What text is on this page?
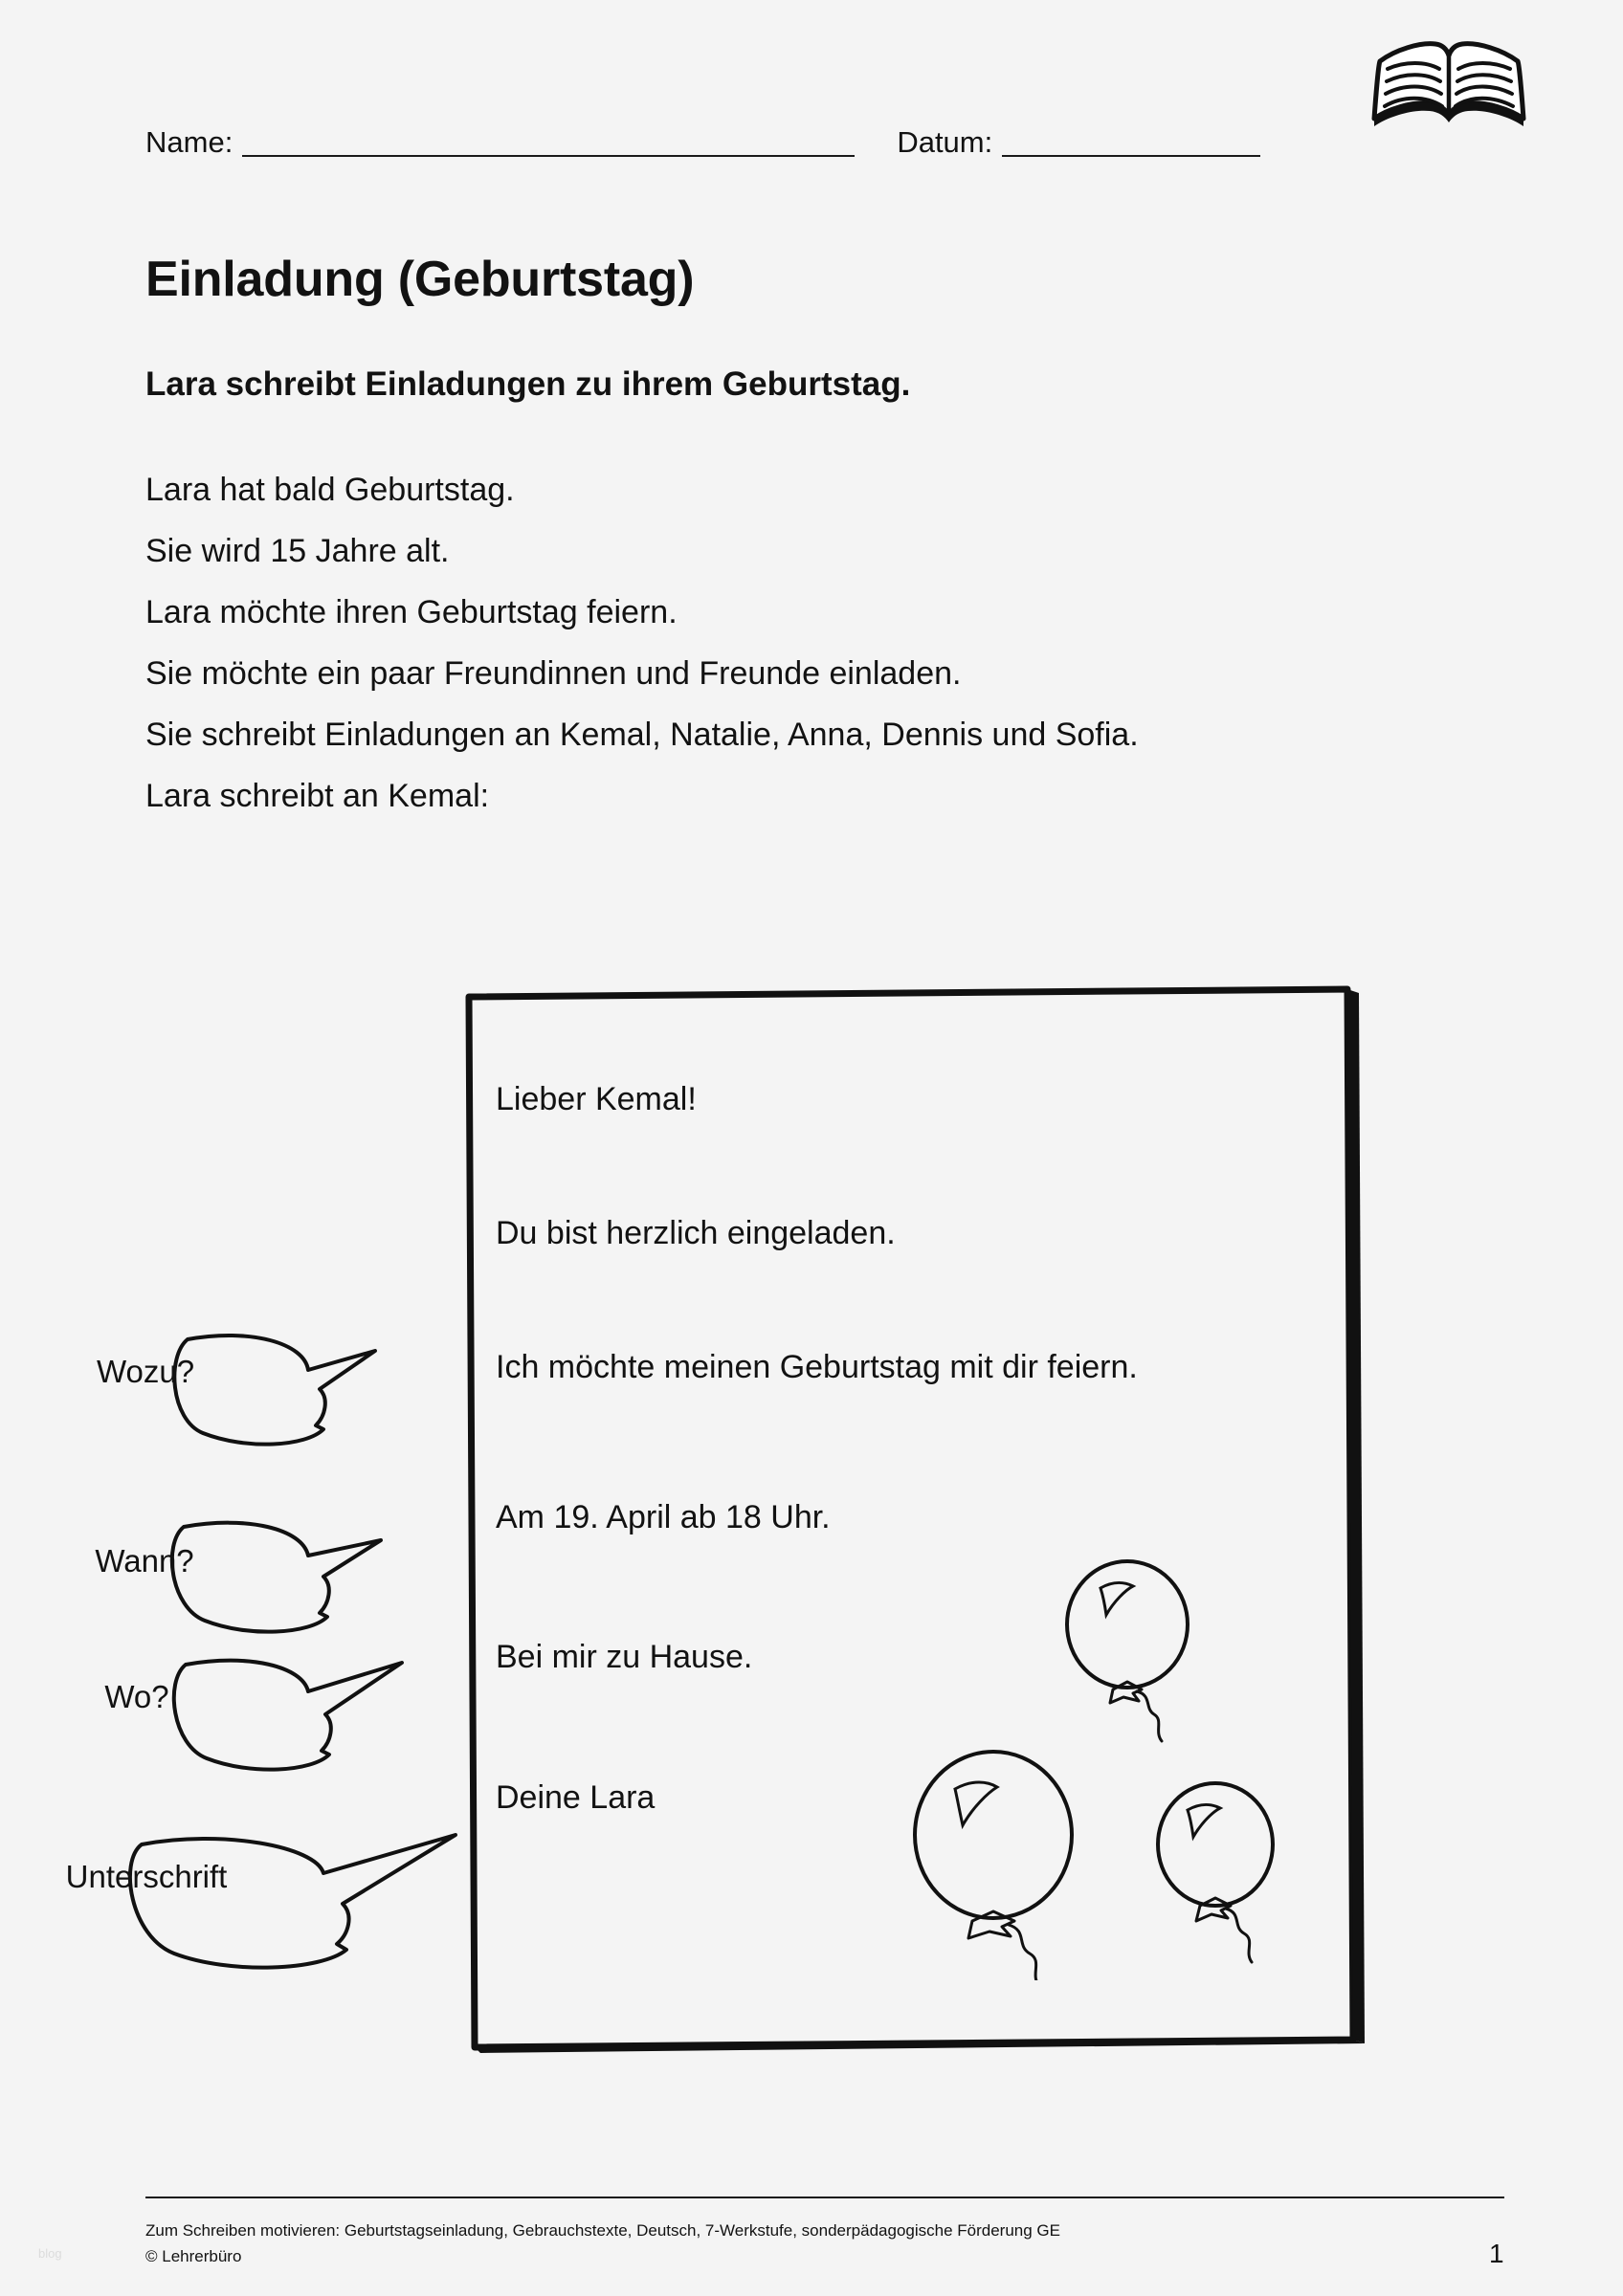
Name:	Datum:
Einladung (Geburtstag)
Lara schreibt Einladungen zu ihrem Geburtstag.
Lara hat bald Geburtstag.
Sie wird 15 Jahre alt.
Lara möchte ihren Geburtstag feiern.
Sie möchte ein paar Freundinnen und Freunde einladen.
Sie schreibt Einladungen an Kemal, Natalie, Anna, Dennis und Sofia.
Lara schreibt an Kemal:
Lieber Kemal!
Du bist herzlich eingeladen.
Ich möchte meinen Geburtstag mit dir feiern.
Am 19. April ab 18 Uhr.
Bei mir zu Hause.
Deine Lara
Wozu?
Wann?
Wo?
Unterschrift
Zum Schreiben motivieren: Geburtstagseinladung, Gebrauchstexte, Deutsch, 7-Werkstufe, sonderpädagogische Förderung GE
© Lehrerbüro	1
blog
